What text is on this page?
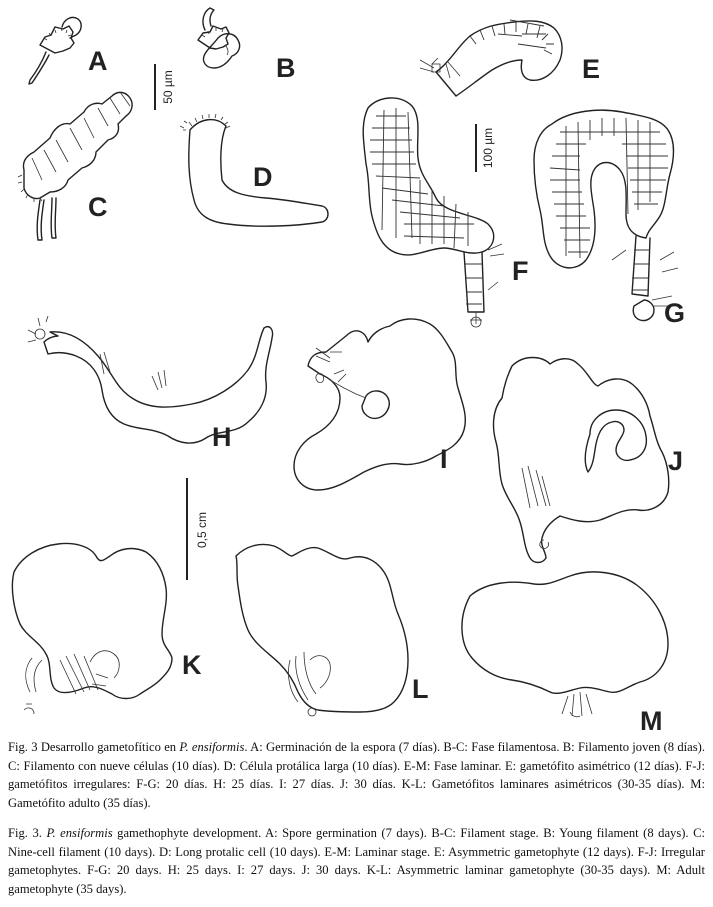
A	B
50 µm
C
D
E
100 µm
F
G
H
I	J
0,5 cm
K
L
M

Fig. 3 Desarrollo gametofítico en P. ensiformis. A: Germinación de la espora (7 días). B-C: Fase filamentosa. B: Filamento joven (8 días). C: Filamento con nueve células (10 días). D: Célula protálica larga (10 días). E-M: Fase laminar. E: gametófito asimétrico (12 días). F-J: gametófitos irregulares: F-G: 20 días. H: 25 días. I: 27 días. J: 30 días. K-L: Gametófitos laminares asimétricos (30-35 días). M: Gametófito adulto (35 días).

Fig. 3. P. ensiformis gamethophyte development. A: Spore germination (7 days). B-C: Filament stage. B: Young filament (8 days). C: Nine-cell filament (10 days). D: Long protalic cell (10 days). E-M: Laminar stage. E: Asymmetric gametophyte (12 days). F-J: Irregular gametophytes. F-G: 20 days. H: 25 days. I: 27 days. J: 30 days. K-L: Asymmetric laminar gametophyte (30-35 days). M: Adult gametophyte (35 days).
